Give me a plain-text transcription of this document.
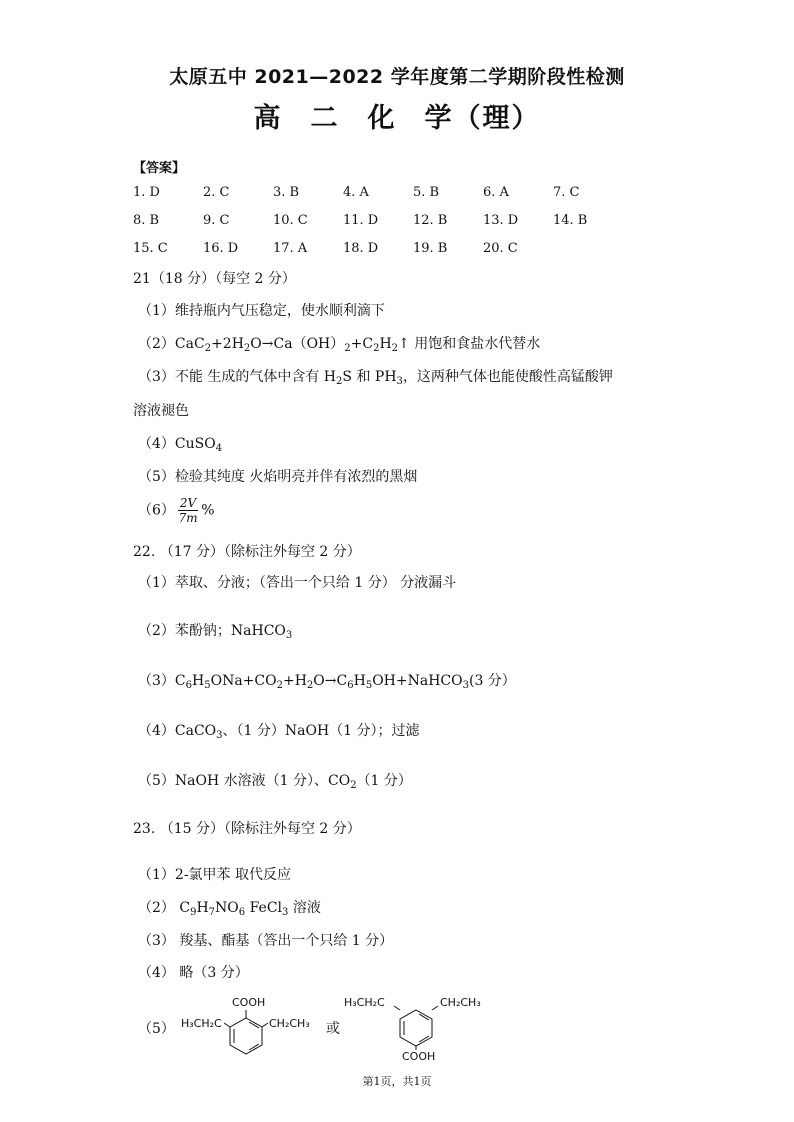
太原五中 2021—2022 学年度第二学期阶段性检测
高 二 化 学（理）
【答案】
1. D	2. C	3. B	4. A	5. B	6. A	7. C
8. B	9. C	10. C	11. D	12. B	13. D	14. B
15. C	16. D	17. A	18. D	19. B	20. C
21（18 分）（每空 2 分）
（1）维持瓶内气压稳定，使水顺利滴下
$(2)CaC_2+2H_2O\to Ca(OH)_2+C_2H_2↑$ 用饱和食盐水代替水
（3）不能 生成的气体中含有 $H_2S$ 和 $PH_3$，这两种气体也能使酸性高锰酸钾
溶液褪色
（4）CuSO$_4$
（5）检验其纯度 火焰明亮并伴有浓烈的黑烟
$(6) \frac{2V}{7m}$ %
22. （17 分）（除标注外每空 2 分）
（1）萃取、分液；（答出一个只给 1 分） 分液漏斗
（2）苯酚钠；NaHCO$_3$
$(3)C_6H_5ONa+CO_2+H_2O\to C_6H_5OH+NaHCO_3(3$ 分）
（4）CaCO$_3$、（1 分）NaOH（1 分）；过滤
（5）NaOH 水溶液（1 分）、$CO_2(1$ 分）
23. （15 分）（除标注外每空 2 分）
（1）2-氯甲苯 取代反应
（2） $C_9H_7NO_6$ FeCl$_3$ 溶液
（3） 羧基、酯基（答出一个只给 1 分）
（4） 略（3 分）
（5）
COOH
H₃CH₂C	CH₂CH₃ 或
H₃CH₂C	CH₂CH₃
COOH
第1页，共1页
